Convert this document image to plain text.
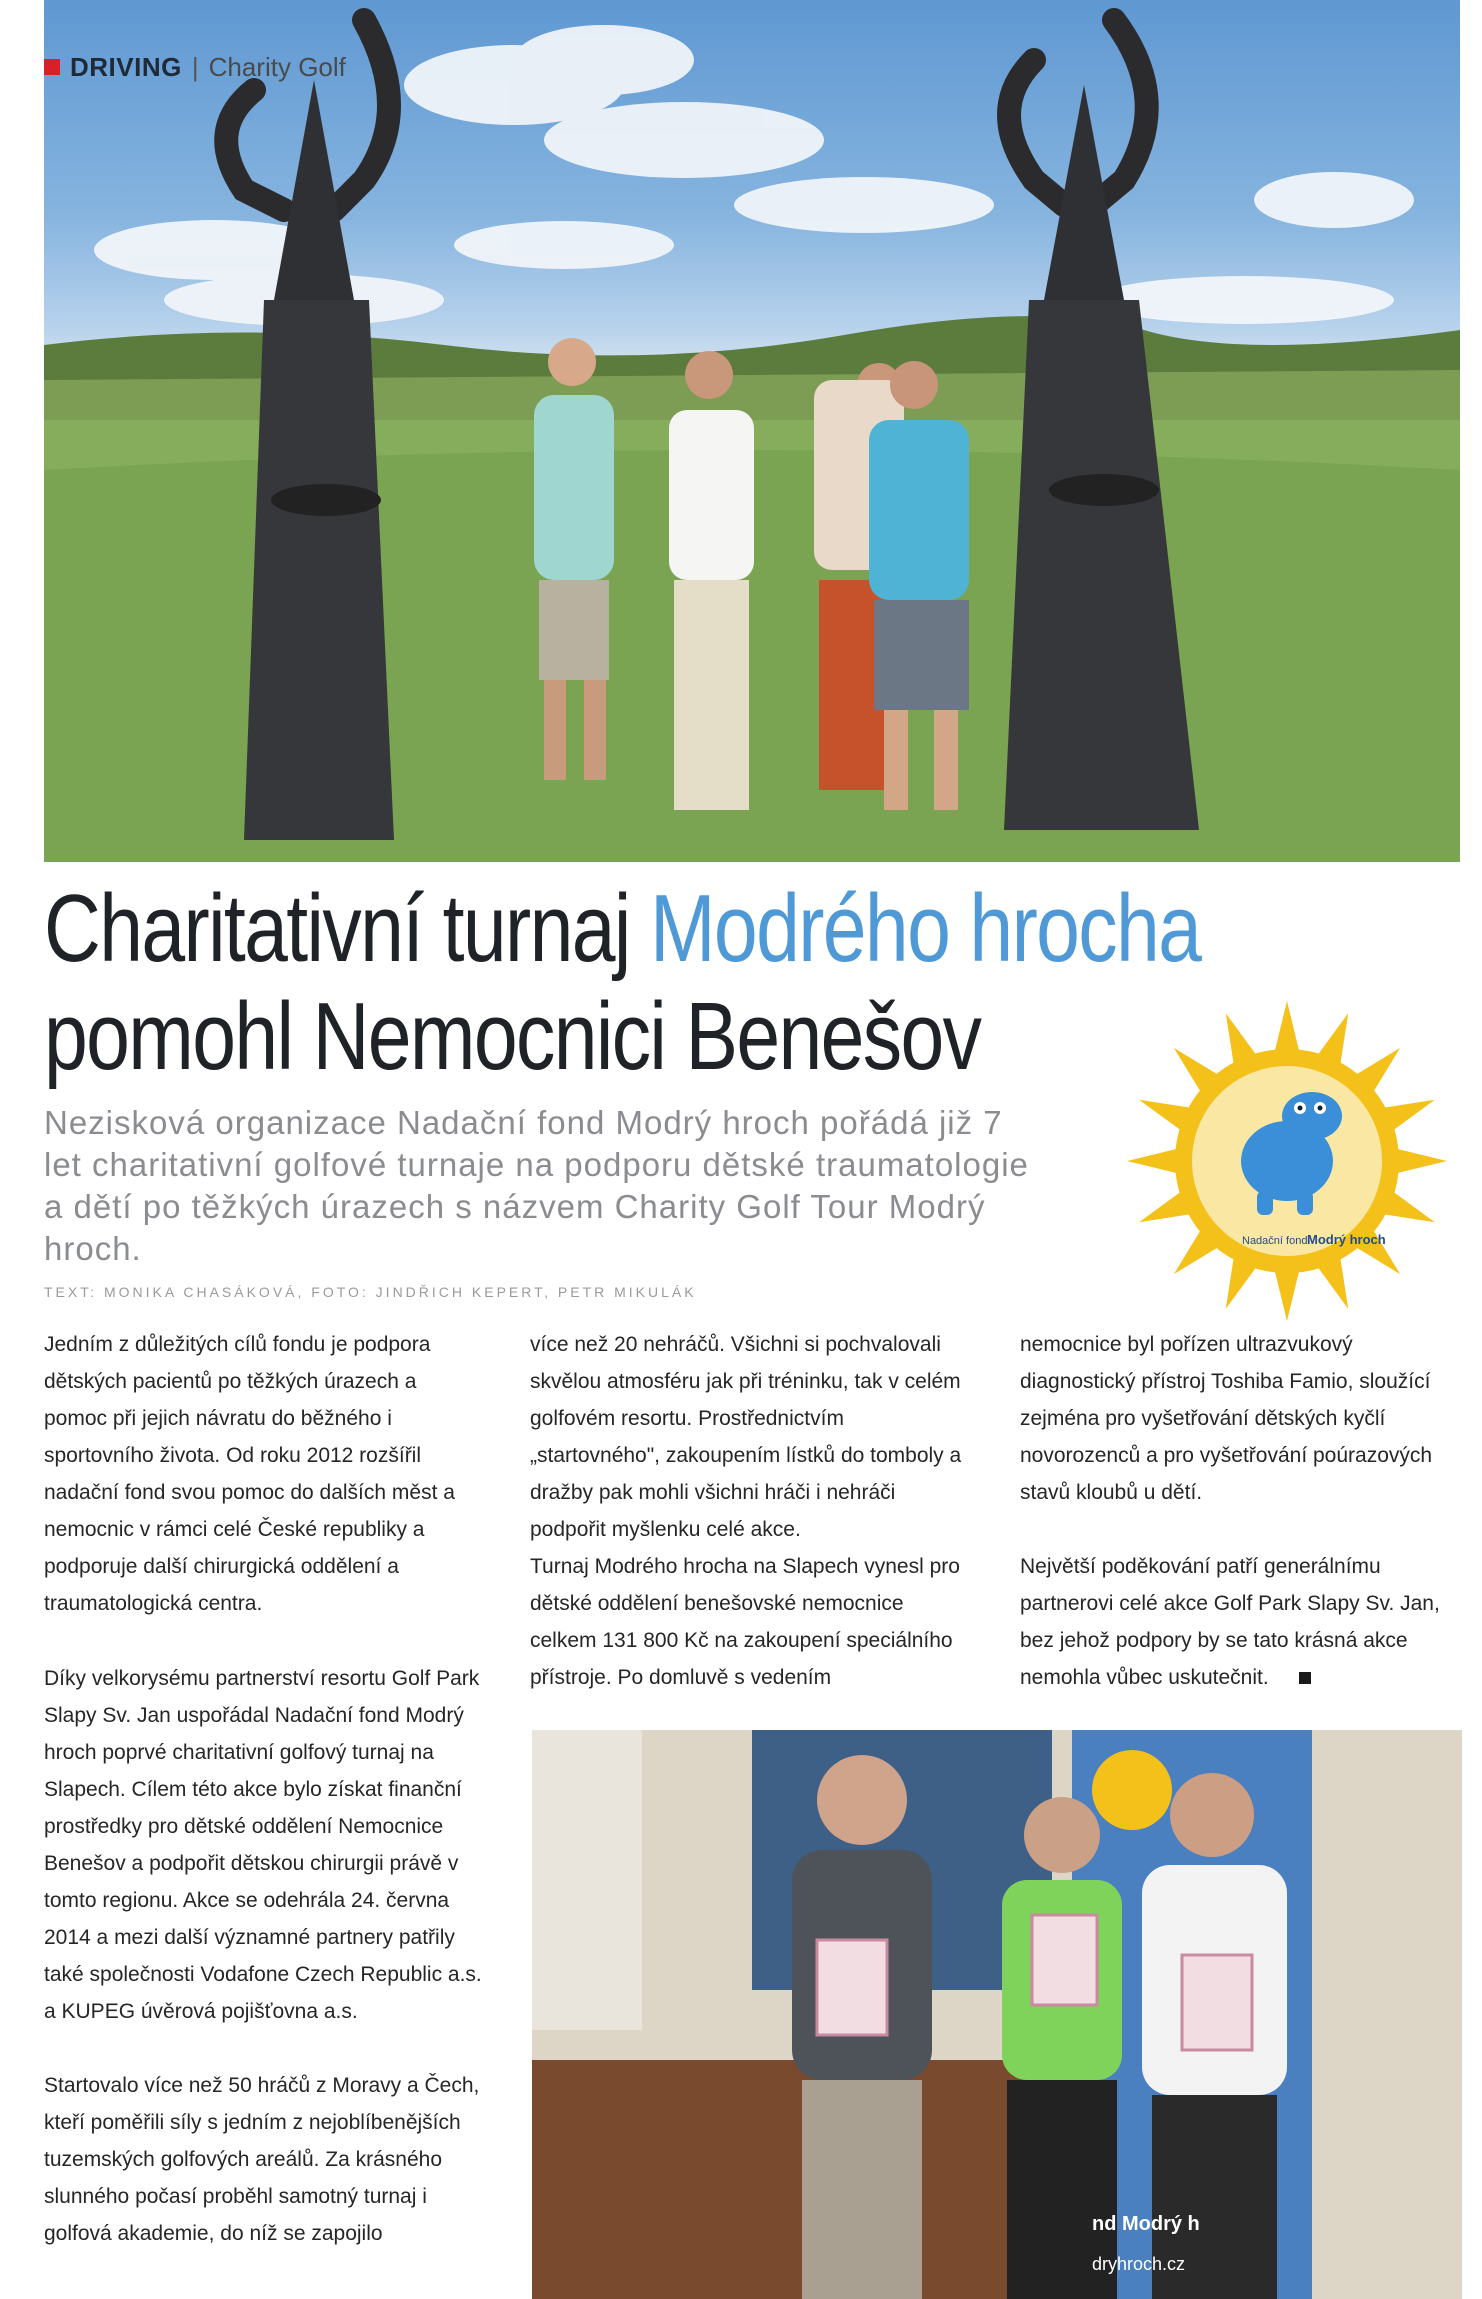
DRIVING | Charity Golf
Charitativní turnaj Modrého hrocha
pomohl Nemocnici Benešov
Nezisková organizace Nadační fond Modrý hroch pořádá již 7 let charitativní golfové turnaje na podporu dětské traumatologie a dětí po těžkých úrazech s názvem Charity Golf Tour Modrý hroch.
TEXT: MONIKA CHASÁKOVÁ, FOTO: JINDŘICH KEPERT, PETR MIKULÁK
Nadační fond Modrý hroch

Jedním z důležitých cílů fondu je podpora dětských pacientů po těžkých úrazech a pomoc při jejich návratu do běžného i sportovního života. Od roku 2012 rozšířil nadační fond svou pomoc do dalších měst a nemocnic v rámci celé České republiky a podporuje další chirurgická oddělení a traumatologická centra.

Díky velkorysému partnerství resortu Golf Park Slapy Sv. Jan uspořádal Nadační fond Modrý hroch poprvé charitativní golfový turnaj na Slapech. Cílem této akce bylo získat finanční prostředky pro dětské oddělení Nemocnice Benešov a podpořit dětskou chirurgii právě v tomto regionu. Akce se odehrála 24. června 2014 a mezi další významné partnery patřily také společnosti Vodafone Czech Republic a.s. a KUPEG úvěrová pojišťovna a.s.

Startovalo více než 50 hráčů z Moravy a Čech, kteří poměřili síly s jedním z nejoblíbenějších tuzemských golfových areálů. Za krásného slunného počasí proběhl samotný turnaj i golfová akademie, do níž se zapojilo

více než 20 nehráčů. Všichni si pochvalovali skvělou atmosféru jak při tréninku, tak v celém golfovém resortu. Prostřednictvím „startovného", zakoupením lístků do tomboly a dražby pak mohli všichni hráči i nehráči podpořit myšlenku celé akce.

Turnaj Modrého hrocha na Slapech vynesl pro dětské oddělení benešovské nemocnice celkem 131 800 Kč na zakoupení speciálního přístroje. Po domluvě s vedením

nemocnice byl pořízen ultrazvukový diagnostický přístroj Toshiba Famio, sloužící zejména pro vyšetřování dětských kyčlí novorozenců a pro vyšetřování poúrazových stavů kloubů u dětí.

Největší poděkování patří generálnímu partnerovi celé akce Golf Park Slapy Sv. Jan, bez jehož podpory by se tato krásná akce nemohla vůbec uskutečnit.

nd Modrý h
dryhroch.cz
